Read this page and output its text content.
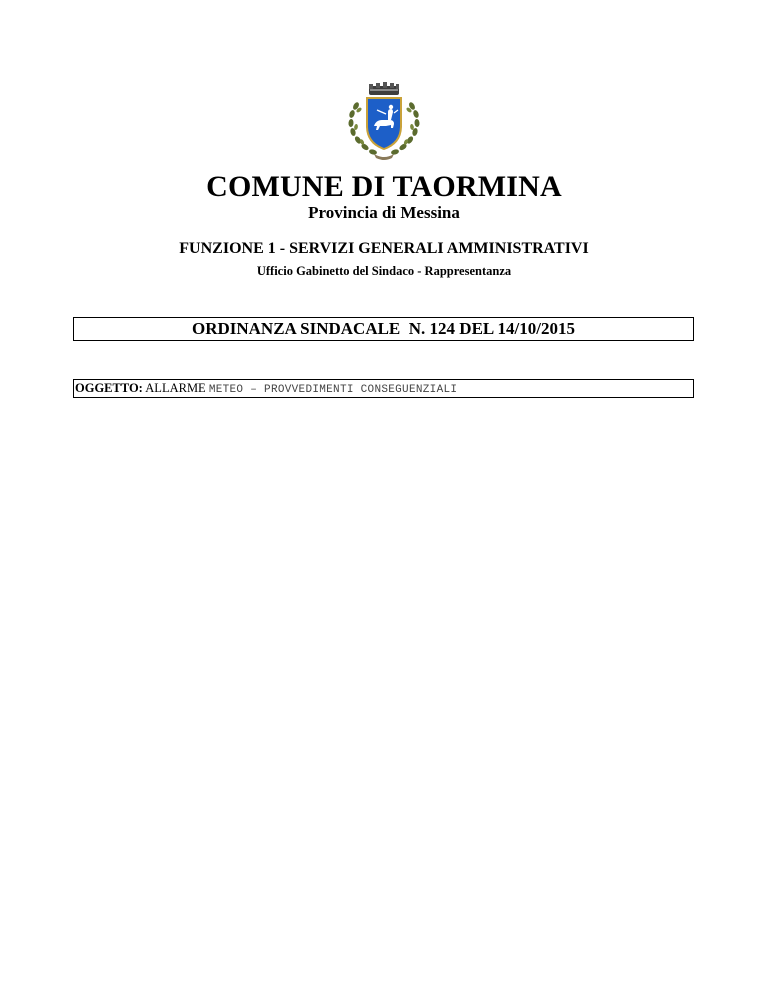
COMUNE DI TAORMINA
Provincia di Messina
FUNZIONE 1 - SERVIZI GENERALI AMMINISTRATIVI
Ufficio Gabinetto del Sindaco - Rappresentanza
ORDINANZA SINDACALE  N. 124 DEL 14/10/2015
OGGETTO: ALLARME METEO – PROVVEDIMENTI CONSEGUENZIALI
